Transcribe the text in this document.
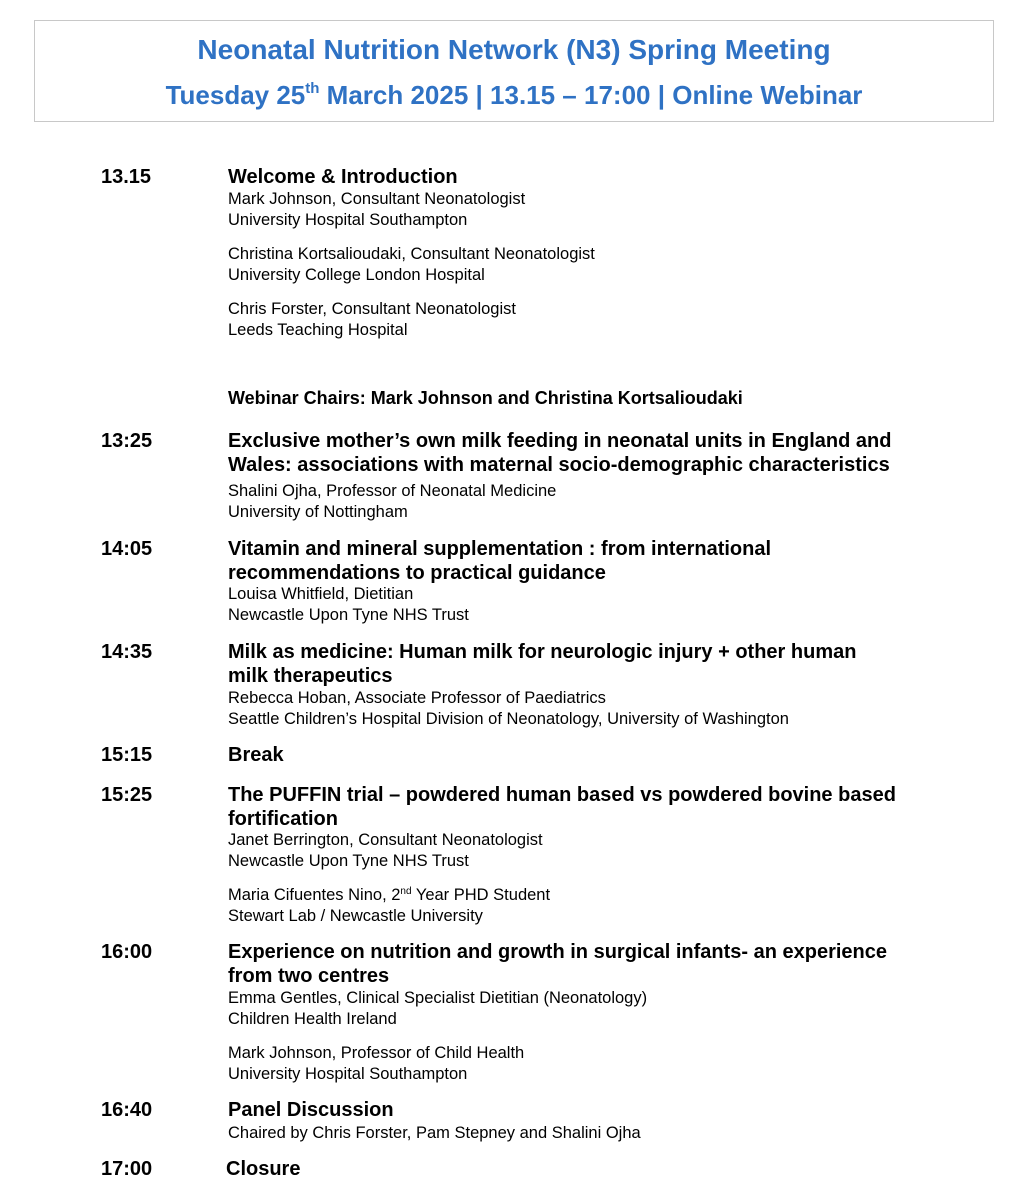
Neonatal Nutrition Network (N3) Spring Meeting
Tuesday 25th March 2025 | 13.15 – 17:00 | Online Webinar
13.15	Welcome & Introduction
Mark Johnson, Consultant Neonatologist
University Hospital Southampton
Christina Kortsalioudaki, Consultant Neonatologist
University College London Hospital
Chris Forster, Consultant Neonatologist
Leeds Teaching Hospital
Webinar Chairs: Mark Johnson and Christina Kortsalioudaki
13:25	Exclusive mother’s own milk feeding in neonatal units in England and
Wales: associations with maternal socio-demographic characteristics
Shalini Ojha, Professor of Neonatal Medicine
University of Nottingham
14:05	Vitamin and mineral supplementation : from international
recommendations to practical guidance
Louisa Whitfield, Dietitian
Newcastle Upon Tyne NHS Trust
14:35	Milk as medicine: Human milk for neurologic injury + other human
milk therapeutics
Rebecca Hoban, Associate Professor of Paediatrics
Seattle Children’s Hospital Division of Neonatology, University of Washington
15:15	Break
15:25	The PUFFIN trial – powdered human based vs powdered bovine based
fortification
Janet Berrington, Consultant Neonatologist
Newcastle Upon Tyne NHS Trust
Maria Cifuentes Nino, 2nd Year PHD Student
Stewart Lab / Newcastle University
16:00	Experience on nutrition and growth in surgical infants- an experience
from two centres
Emma Gentles, Clinical Specialist Dietitian (Neonatology)
Children Health Ireland
Mark Johnson, Professor of Child Health
University Hospital Southampton
16:40	Panel Discussion
Chaired by Chris Forster, Pam Stepney and Shalini Ojha
17:00	Closure
